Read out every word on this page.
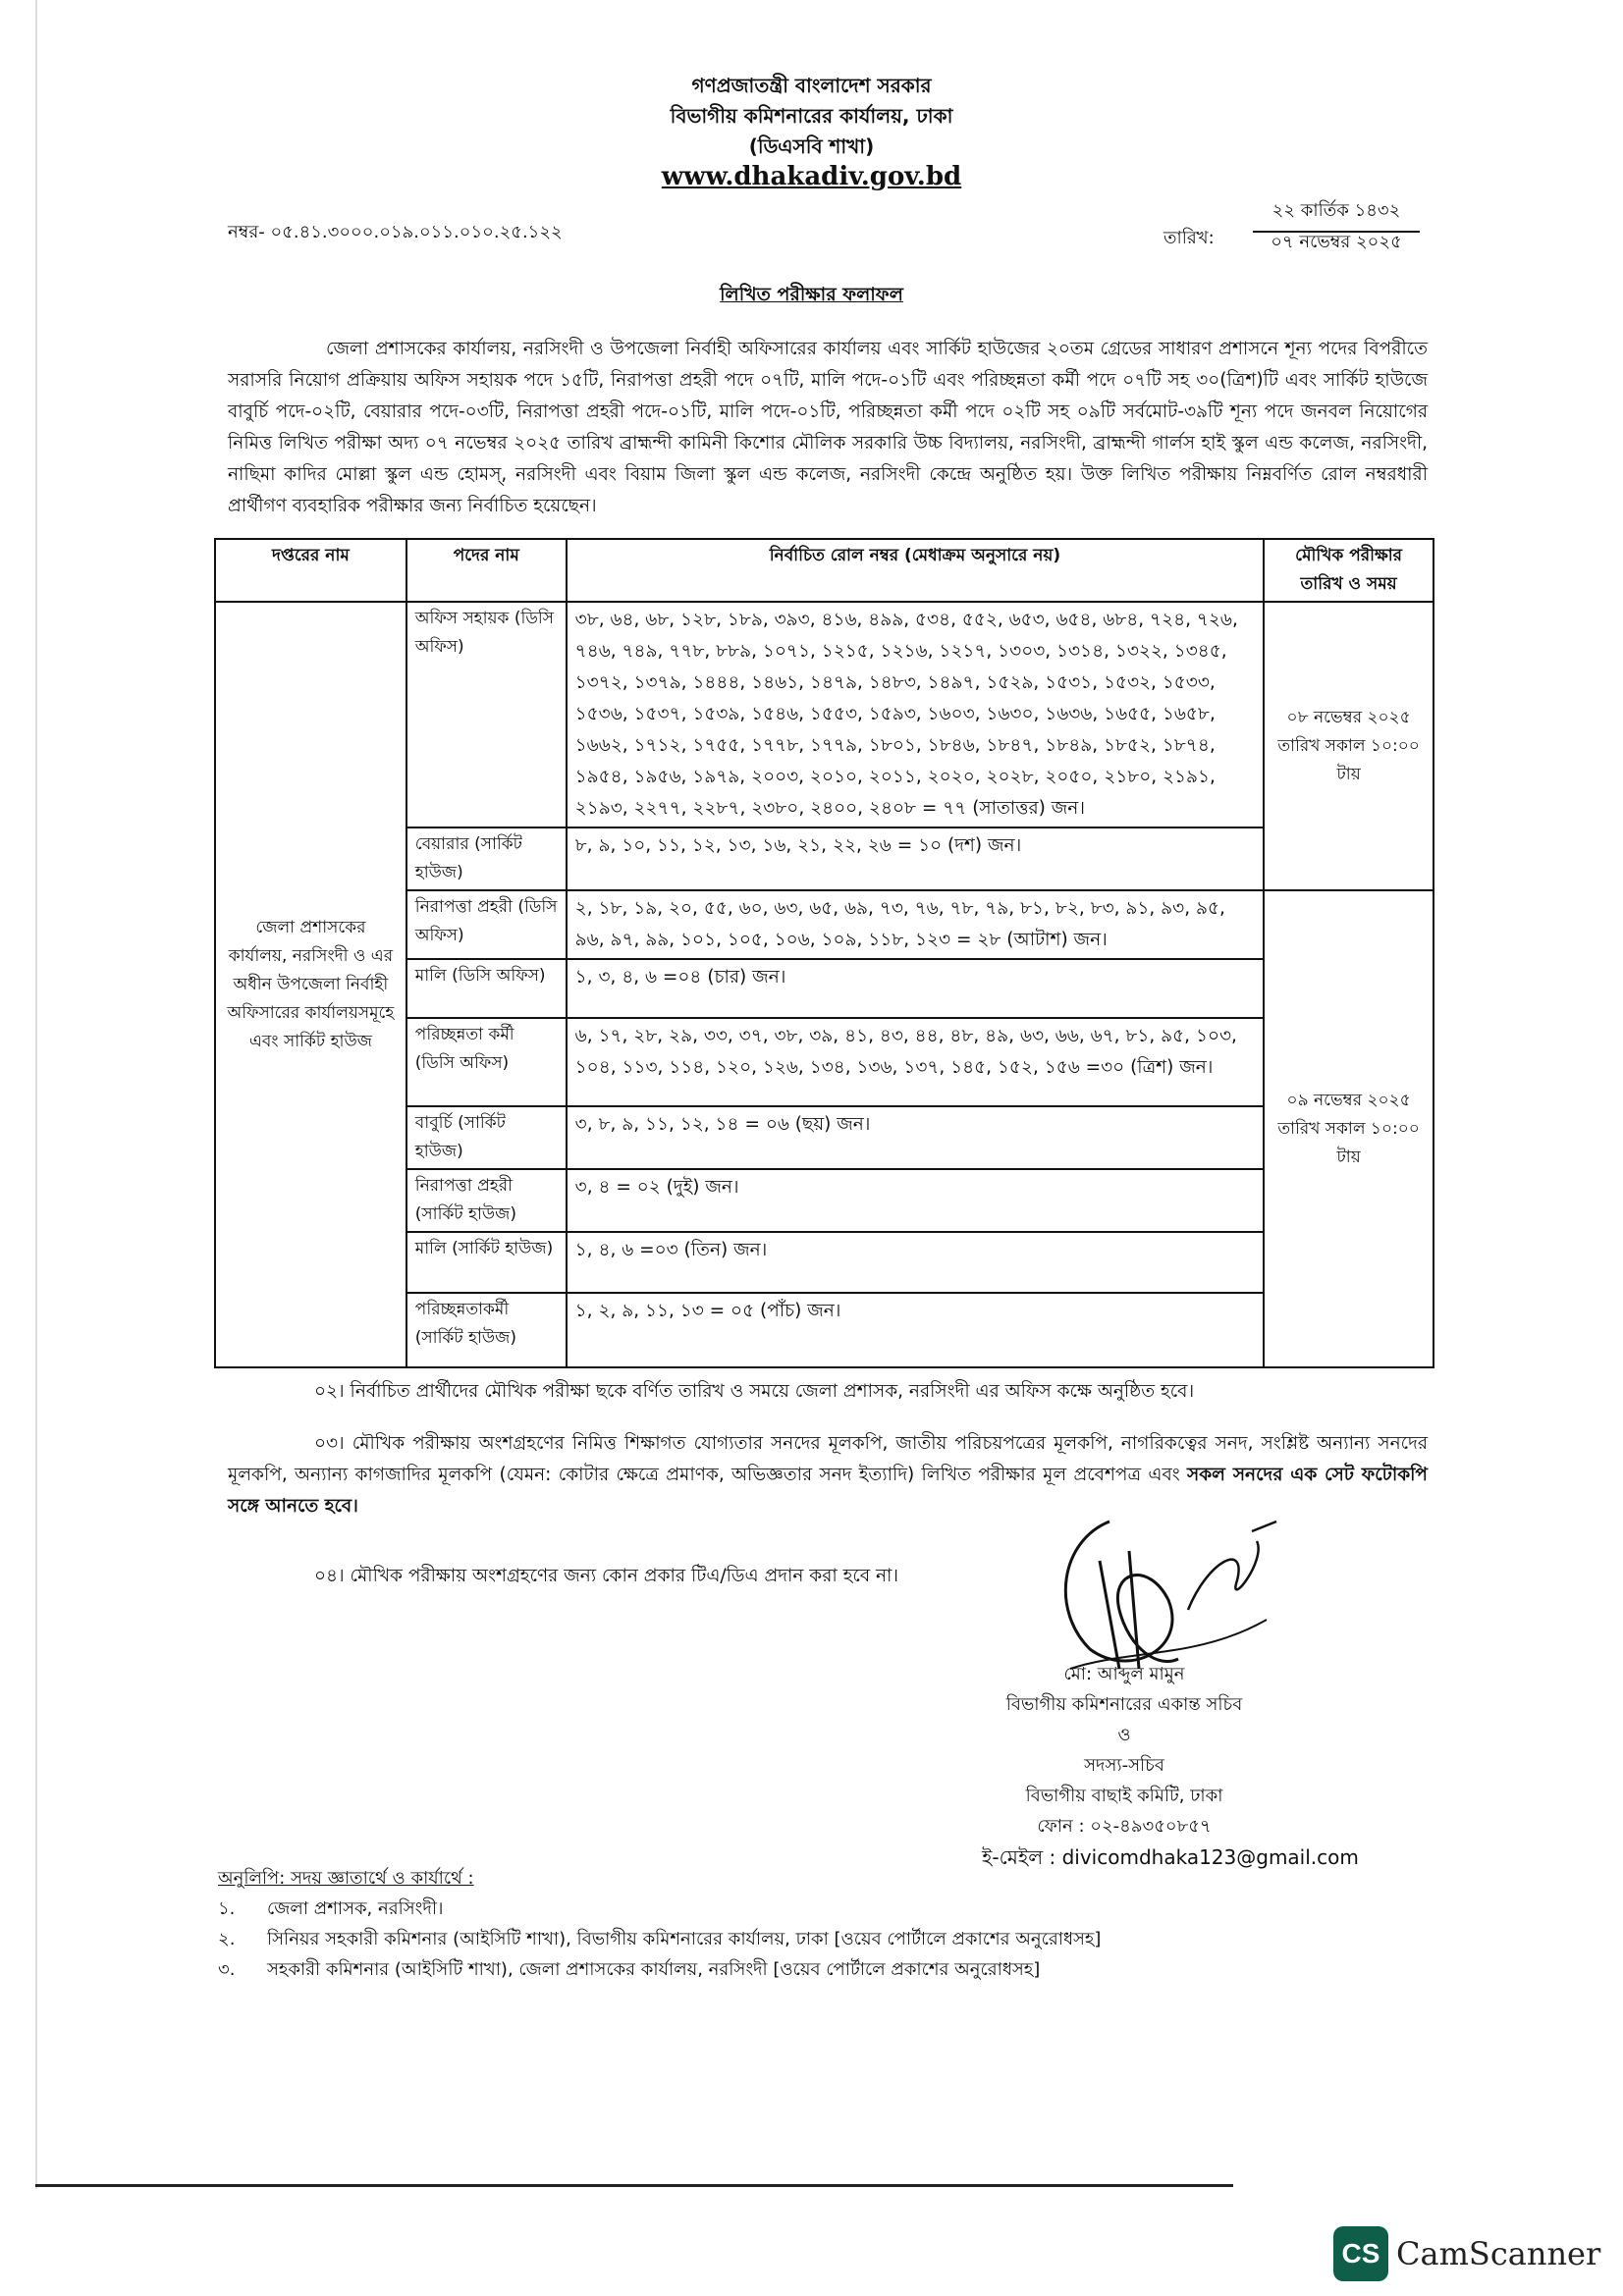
গণপ্রজাতন্ত্রী বাংলাদেশ সরকার
বিভাগীয় কমিশনারের কার্যালয়, ঢাকা
(ডিএসবি শাখা)
www.dhakadiv.gov.bd
নম্বর- ০৫.৪১.৩০০০.০১৯.০১১.০১০.২৫.১২২	তারিখ:
২২ কার্তিক ১৪৩২
০৭ নভেম্বর ২০২৫
লিখিত পরীক্ষার ফলাফল
জেলা প্রশাসকের কার্যালয়, নরসিংদী ও উপজেলা নির্বাহী অফিসারের কার্যালয় এবং সার্কিট হাউজের ২০তম গ্রেডের সাধারণ প্রশাসনে শূন্য পদের বিপরীতে সরাসরি নিয়োগ প্রক্রিয়ায় অফিস সহায়ক পদে ১৫টি, নিরাপত্তা প্রহরী পদে ০৭টি, মালি পদে-০১টি এবং পরিচ্ছন্নতা কর্মী পদে ০৭টি সহ ৩০(ত্রিশ)টি এবং সার্কিট হাউজে বাবুর্চি পদে-০২টি, বেয়ারার পদে-০৩টি, নিরাপত্তা প্রহরী পদে-০১টি, মালি পদে-০১টি, পরিচ্ছন্নতা কর্মী পদে ০২টি সহ ০৯টি সর্বমোট-৩৯টি শূন্য পদে জনবল নিয়োগের নিমিত্ত লিখিত পরীক্ষা অদ্য ০৭ নভেম্বর ২০২৫ তারিখ ব্রাহ্মন্দী কামিনী কিশোর মৌলিক সরকারি উচ্চ বিদ্যালয়, নরসিংদী, ব্রাহ্মন্দী গার্লস হাই স্কুল এন্ড কলেজ, নরসিংদী, নাছিমা কাদির মোল্লা স্কুল এন্ড হোমস্, নরসিংদী এবং বিয়াম জিলা স্কুল এন্ড কলেজ, নরসিংদী কেন্দ্রে অনুষ্ঠিত হয়। উক্ত লিখিত পরীক্ষায় নিম্নবর্ণিত রোল নম্বরধারী প্রার্থীগণ ব্যবহারিক পরীক্ষার জন্য নির্বাচিত হয়েছেন।
দপ্তরের নাম	পদের নাম	নির্বাচিত রোল নম্বর (মেধাক্রম অনুসারে নয়)	মৌখিক পরীক্ষার তারিখ ও সময়
জেলা প্রশাসকের কার্যালয়, নরসিংদী ও এর অধীন উপজেলা নির্বাহী অফিসারের কার্যালয়সমূহে এবং সার্কিট হাউজ	অফিস সহায়ক (ডিসি অফিস)	৩৮, ৬৪, ৬৮, ১২৮, ১৮৯, ৩৯৩, ৪১৬, ৪৯৯, ৫৩৪, ৫৫২, ৬৫৩, ৬৫৪, ৬৮৪, ৭২৪, ৭২৬, ৭৪৬, ৭৪৯, ৭৭৮, ৮৮৯, ১০৭১, ১২১৫, ১২১৬, ১২১৭, ১৩০৩, ১৩১৪, ১৩২২, ১৩৪৫, ১৩৭২, ১৩৭৯, ১৪৪৪, ১৪৬১, ১৪৭৯, ১৪৮৩, ১৪৯৭, ১৫২৯, ১৫৩১, ১৫৩২, ১৫৩৩, ১৫৩৬, ১৫৩৭, ১৫৩৯, ১৫৪৬, ১৫৫৩, ১৫৯৩, ১৬০৩, ১৬৩০, ১৬৩৬, ১৬৫৫, ১৬৫৮, ১৬৬২, ১৭১২, ১৭৫৫, ১৭৭৮, ১৭৭৯, ১৮০১, ১৮৪৬, ১৮৪৭, ১৮৪৯, ১৮৫২, ১৮৭৪, ১৯৫৪, ১৯৫৬, ১৯৭৯, ২০০৩, ২০১০, ২০১১, ২০২০, ২০২৮, ২০৫০, ২১৮০, ২১৯১, ২১৯৩, ২২৭৭, ২২৮৭, ২৩৮০, ২৪০০, ২৪০৮ = ৭৭ (সাতাত্তর) জন।	০৮ নভেম্বর ২০২৫ তারিখ সকাল ১০:০০ টায়
	বেয়ারার (সার্কিট হাউজ)	৮, ৯, ১০, ১১, ১২, ১৩, ১৬, ২১, ২২, ২৬ = ১০ (দশ) জন।	
	নিরাপত্তা প্রহরী (ডিসি অফিস)	২, ১৮, ১৯, ২০, ৫৫, ৬০, ৬৩, ৬৫, ৬৯, ৭৩, ৭৬, ৭৮, ৭৯, ৮১, ৮২, ৮৩, ৯১, ৯৩, ৯৫, ৯৬, ৯৭, ৯৯, ১০১, ১০৫, ১০৬, ১০৯, ১১৮, ১২৩ = ২৮ (আটাশ) জন।	০৯ নভেম্বর ২০২৫ তারিখ সকাল ১০:০০ টায়
	মালি (ডিসি অফিস)	১, ৩, ৪, ৬ =০৪ (চার) জন।	
	পরিচ্ছন্নতা কর্মী (ডিসি অফিস)	৬, ১৭, ২৮, ২৯, ৩৩, ৩৭, ৩৮, ৩৯, ৪১, ৪৩, ৪৪, ৪৮, ৪৯, ৬৩, ৬৬, ৬৭, ৮১, ৯৫, ১০৩, ১০৪, ১১৩, ১১৪, ১২০, ১২৬, ১৩৪, ১৩৬, ১৩৭, ১৪৫, ১৫২, ১৫৬ =৩০ (ত্রিশ) জন।	
	বাবুর্চি (সার্কিট হাউজ)	৩, ৮, ৯, ১১, ১২, ১৪ = ০৬ (ছয়) জন।	
	নিরাপত্তা প্রহরী (সার্কিট হাউজ)	৩, ৪ = ০২ (দুই) জন।	
	মালি (সার্কিট হাউজ)	১, ৪, ৬ =০৩ (তিন) জন।	
	পরিচ্ছন্নতাকর্মী (সার্কিট হাউজ)	১, ২, ৯, ১১, ১৩ = ০৫ (পাঁচ) জন।	
০২। নির্বাচিত প্রার্থীদের মৌখিক পরীক্ষা ছকে বর্ণিত তারিখ ও সময়ে জেলা প্রশাসক, নরসিংদী এর অফিস কক্ষে অনুষ্ঠিত হবে।
০৩। মৌখিক পরীক্ষায় অংশগ্রহণের নিমিত্ত শিক্ষাগত যোগ্যতার সনদের মূলকপি, জাতীয় পরিচয়পত্রের মূলকপি, নাগরিকত্বের সনদ, সংশ্লিষ্ট অন্যান্য সনদের মূলকপি, অন্যান্য কাগজাদির মূলকপি (যেমন: কোটার ক্ষেত্রে প্রমাণক, অভিজ্ঞতার সনদ ইত্যাদি) লিখিত পরীক্ষার মূল প্রবেশপত্র এবং সকল সনদের এক সেট ফটোকপি সঙ্গে আনতে হবে।
০৪। মৌখিক পরীক্ষায় অংশগ্রহণের জন্য কোন প্রকার টিএ/ডিএ প্রদান করা হবে না।
মো: আব্দুল মামুন
বিভাগীয় কমিশনারের একান্ত সচিব
ও
সদস্য-সচিব
বিভাগীয় বাছাই কমিটি, ঢাকা
ফোন : ০২-৪৯৩৫০৮৫৭
ই-মেইল : divicomdhaka123@gmail.com
অনুলিপি: সদয় জ্ঞাতার্থে ও কার্যার্থে :
১.	জেলা প্রশাসক, নরসিংদী।
২.	সিনিয়র সহকারী কমিশনার (আইসিটি শাখা), বিভাগীয় কমিশনারের কার্যালয়, ঢাকা [ওয়েব পোর্টালে প্রকাশের অনুরোধসহ]
৩.	সহকারী কমিশনার (আইসিটি শাখা), জেলা প্রশাসকের কার্যালয়, নরসিংদী [ওয়েব পোর্টালে প্রকাশের অনুরোধসহ]
CS CamScanner
